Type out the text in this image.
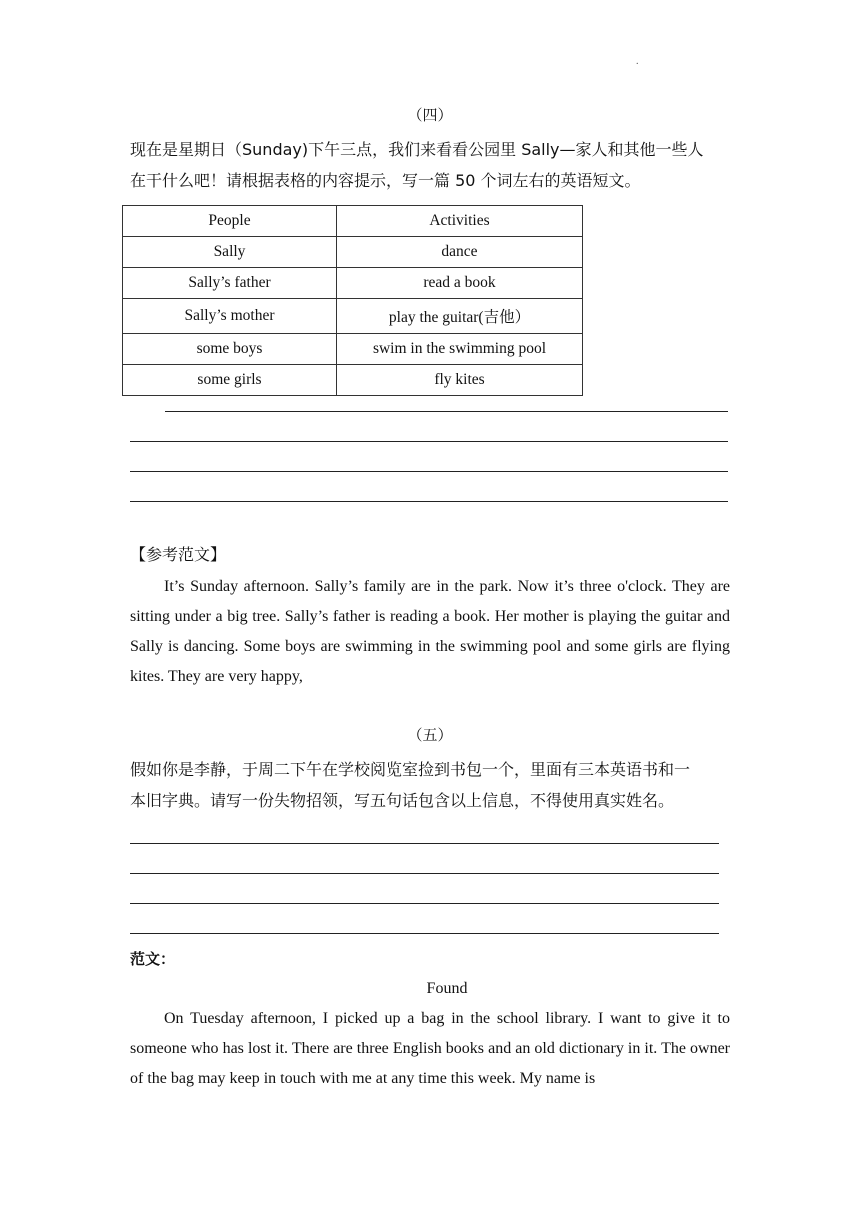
.
（四）
现在是星期日（Sunday)下午三点，我们来看看公园里 Sally—家人和其他一些人
在干什么吧！请根据表格的内容提示，写一篇 50 个词左右的英语短文。
People	Activities
Sally	dance
Sally’s father	read a book
Sally’s mother	play the guitar(吉他）
some boys	swim in the swimming pool
some girls	fly kites
【参考范文】
It’s Sunday afternoon. Sally’s family are in the park. Now it’s three o'clock. They are sitting under a big tree. Sally’s father is reading a book. Her mother is playing the guitar and Sally is dancing. Some boys are swimming in the swimming pool and some girls are flying kites. They are very happy,
（五）
假如你是李静，于周二下午在学校阅览室捡到书包一个，里面有三本英语书和一
本旧字典。请写一份失物招领，写五句话包含以上信息，不得使用真实姓名。
范文：
Found
On Tuesday afternoon, I picked up a bag in the school library. I want to give it to someone who has lost it. There are three English books and an old dictionary in it. The owner of the bag may keep in touch with me at any time this week. My name is
